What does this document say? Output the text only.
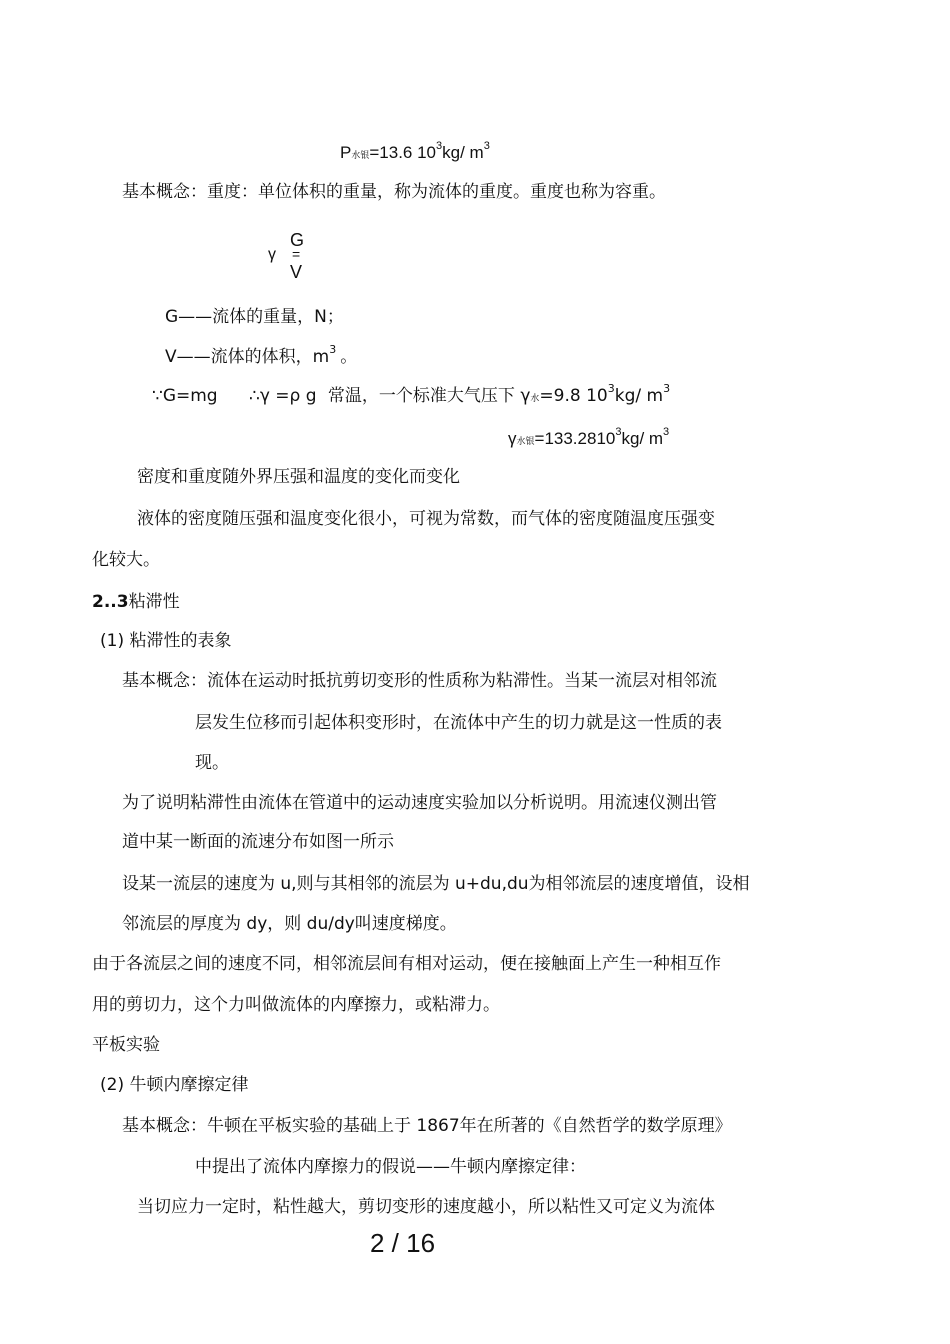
P水银=13.6 $10^3kg/$ $m^3$
基本概念：重度：单位体积的重量，称为流体的重度。重度也称为容重。
γ
G
=
V
G——流体的重量，N；
V——流体的体积，$m^3$ 。
∵G=mg ∴γ =ρ g 常温，一个标准大气压下 γ水=9.8 $10^3kg/$ $m^3$
γ水银$=133.2810^3kg/$ $m^3$
密度和重度随外界压强和温度的变化而变化
液体的密度随压强和温度变化很小，可视为常数，而气体的密度随温度压强变
化较大。
2..3粘滞性
(1) 粘滞性的表象
基本概念：流体在运动时抵抗剪切变形的性质称为粘滞性。当某一流层对相邻流
层发生位移而引起体积变形时，在流体中产生的切力就是这一性质的表
现。
为了说明粘滞性由流体在管道中的运动速度实验加以分析说明。用流速仪测出管
道中某一断面的流速分布如图一所示
设某一流层的速度为 u,则与其相邻的流层为 u+du,du为相邻流层的速度增值，设相
邻流层的厚度为 dy，则 du/dy叫速度梯度。
由于各流层之间的速度不同，相邻流层间有相对运动，便在接触面上产生一种相互作
用的剪切力，这个力叫做流体的内摩擦力，或粘滞力。
平板实验
(2) 牛顿内摩擦定律
基本概念：牛顿在平板实验的基础上于 1867年在所著的《自然哲学的数学原理》
中提出了流体内摩擦力的假说——牛顿内摩擦定律：
当切应力一定时，粘性越大，剪切变形的速度越小，所以粘性又可定义为流体
2 / 16
